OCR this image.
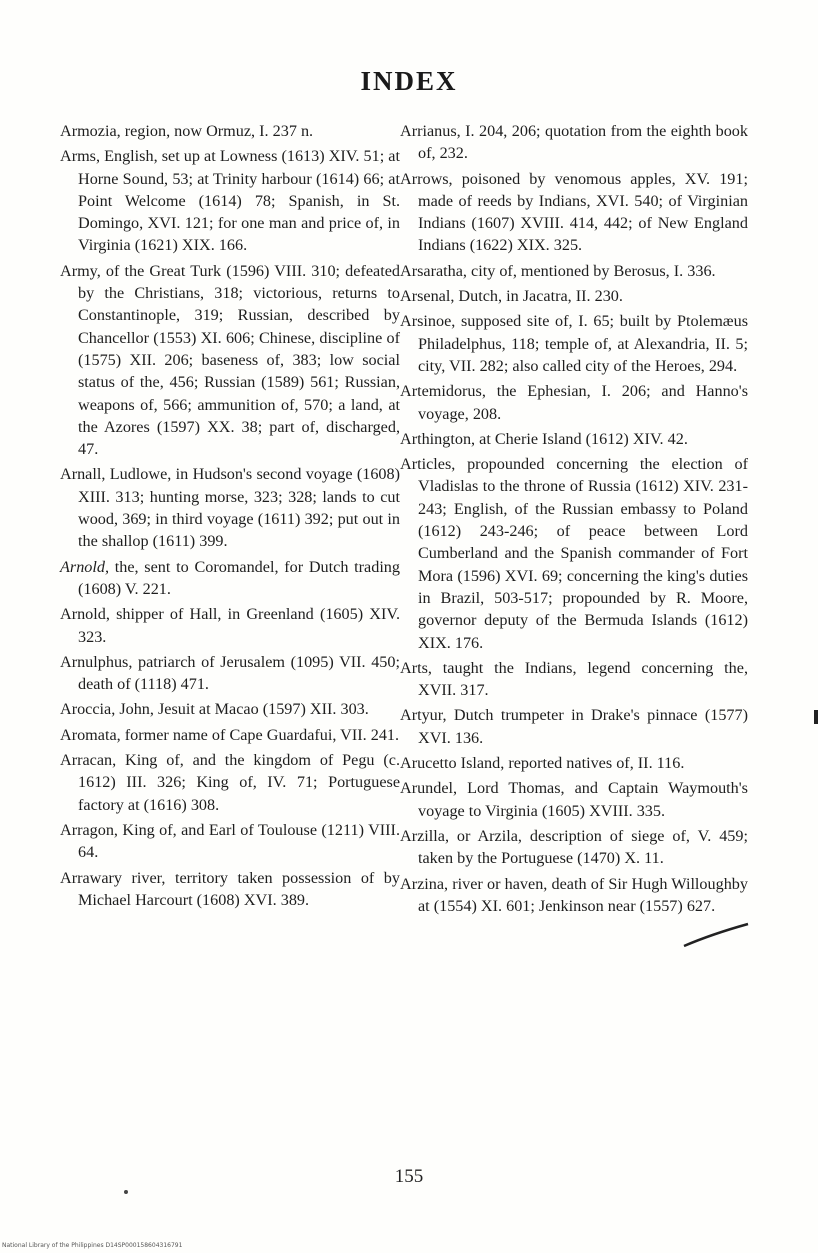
INDEX

Armozia, region, now Ormuz, I. 237 n.

Arms, English, set up at Lowness (1613) XIV. 51; at Horne Sound, 53; at Trinity harbour (1614) 66; at Point Welcome (1614) 78; Spanish, in St. Domingo, XVI. 121; for one man and price of, in Virginia (1621) XIX. 166.

Army, of the Great Turk (1596) VIII. 310; defeated by the Christians, 318; victorious, returns to Constantinople, 319; Russian, described by Chancellor (1553) XI. 606; Chinese, discipline of (1575) XII. 206; baseness of, 383; low social status of the, 456; Russian (1589) 561; Russian, weapons of, 566; ammunition of, 570; a land, at the Azores (1597) XX. 38; part of, discharged, 47.

Arnall, Ludlowe, in Hudson's second voyage (1608) XIII. 313; hunting morse, 323; 328; lands to cut wood, 369; in third voyage (1611) 392; put out in the shallop (1611) 399.

Arnold, the, sent to Coromandel, for Dutch trading (1608) V. 221.

Arnold, shipper of Hall, in Greenland (1605) XIV. 323.

Arnulphus, patriarch of Jerusalem (1095) VII. 450; death of (1118) 471.

Aroccia, John, Jesuit at Macao (1597) XII. 303.

Aromata, former name of Cape Guardafui, VII. 241.

Arracan, King of, and the kingdom of Pegu (c. 1612) III. 326; King of, IV. 71; Portuguese factory at (1616) 308.

Arragon, King of, and Earl of Toulouse (1211) VIII. 64.

Arrawary river, territory taken possession of by Michael Harcourt (1608) XVI. 389.

Arrianus, I. 204, 206; quotation from the eighth book of, 232.

Arrows, poisoned by venomous apples, XV. 191; made of reeds by Indians, XVI. 540; of Virginian Indians (1607) XVIII. 414, 442; of New England Indians (1622) XIX. 325.

Arsaratha, city of, mentioned by Berosus, I. 336.

Arsenal, Dutch, in Jacatra, II. 230.

Arsinoe, supposed site of, I. 65; built by Ptolemæus Philadelphus, 118; temple of, at Alexandria, II. 5; city, VII. 282; also called city of the Heroes, 294.

Artemidorus, the Ephesian, I. 206; and Hanno's voyage, 208.

Arthington, at Cherie Island (1612) XIV. 42.

Articles, propounded concerning the election of Vladislas to the throne of Russia (1612) XIV. 231-243; English, of the Russian embassy to Poland (1612) 243-246; of peace between Lord Cumberland and the Spanish commander of Fort Mora (1596) XVI. 69; concerning the king's duties in Brazil, 503-517; propounded by R. Moore, governor deputy of the Bermuda Islands (1612) XIX. 176.

Arts, taught the Indians, legend concerning the, XVII. 317.

Artyur, Dutch trumpeter in Drake's pinnace (1577) XVI. 136.

Arucetto Island, reported natives of, II. 116.

Arundel, Lord Thomas, and Captain Waymouth's voyage to Virginia (1605) XVIII. 335.

Arzilla, or Arzila, description of siege of, V. 459; taken by the Portuguese (1470) X. 11.

Arzina, river or haven, death of Sir Hugh Willoughby at (1554) XI. 601; Jenkinson near (1557) 627.

155
National Library of the Philippines D14SP000158604316791
